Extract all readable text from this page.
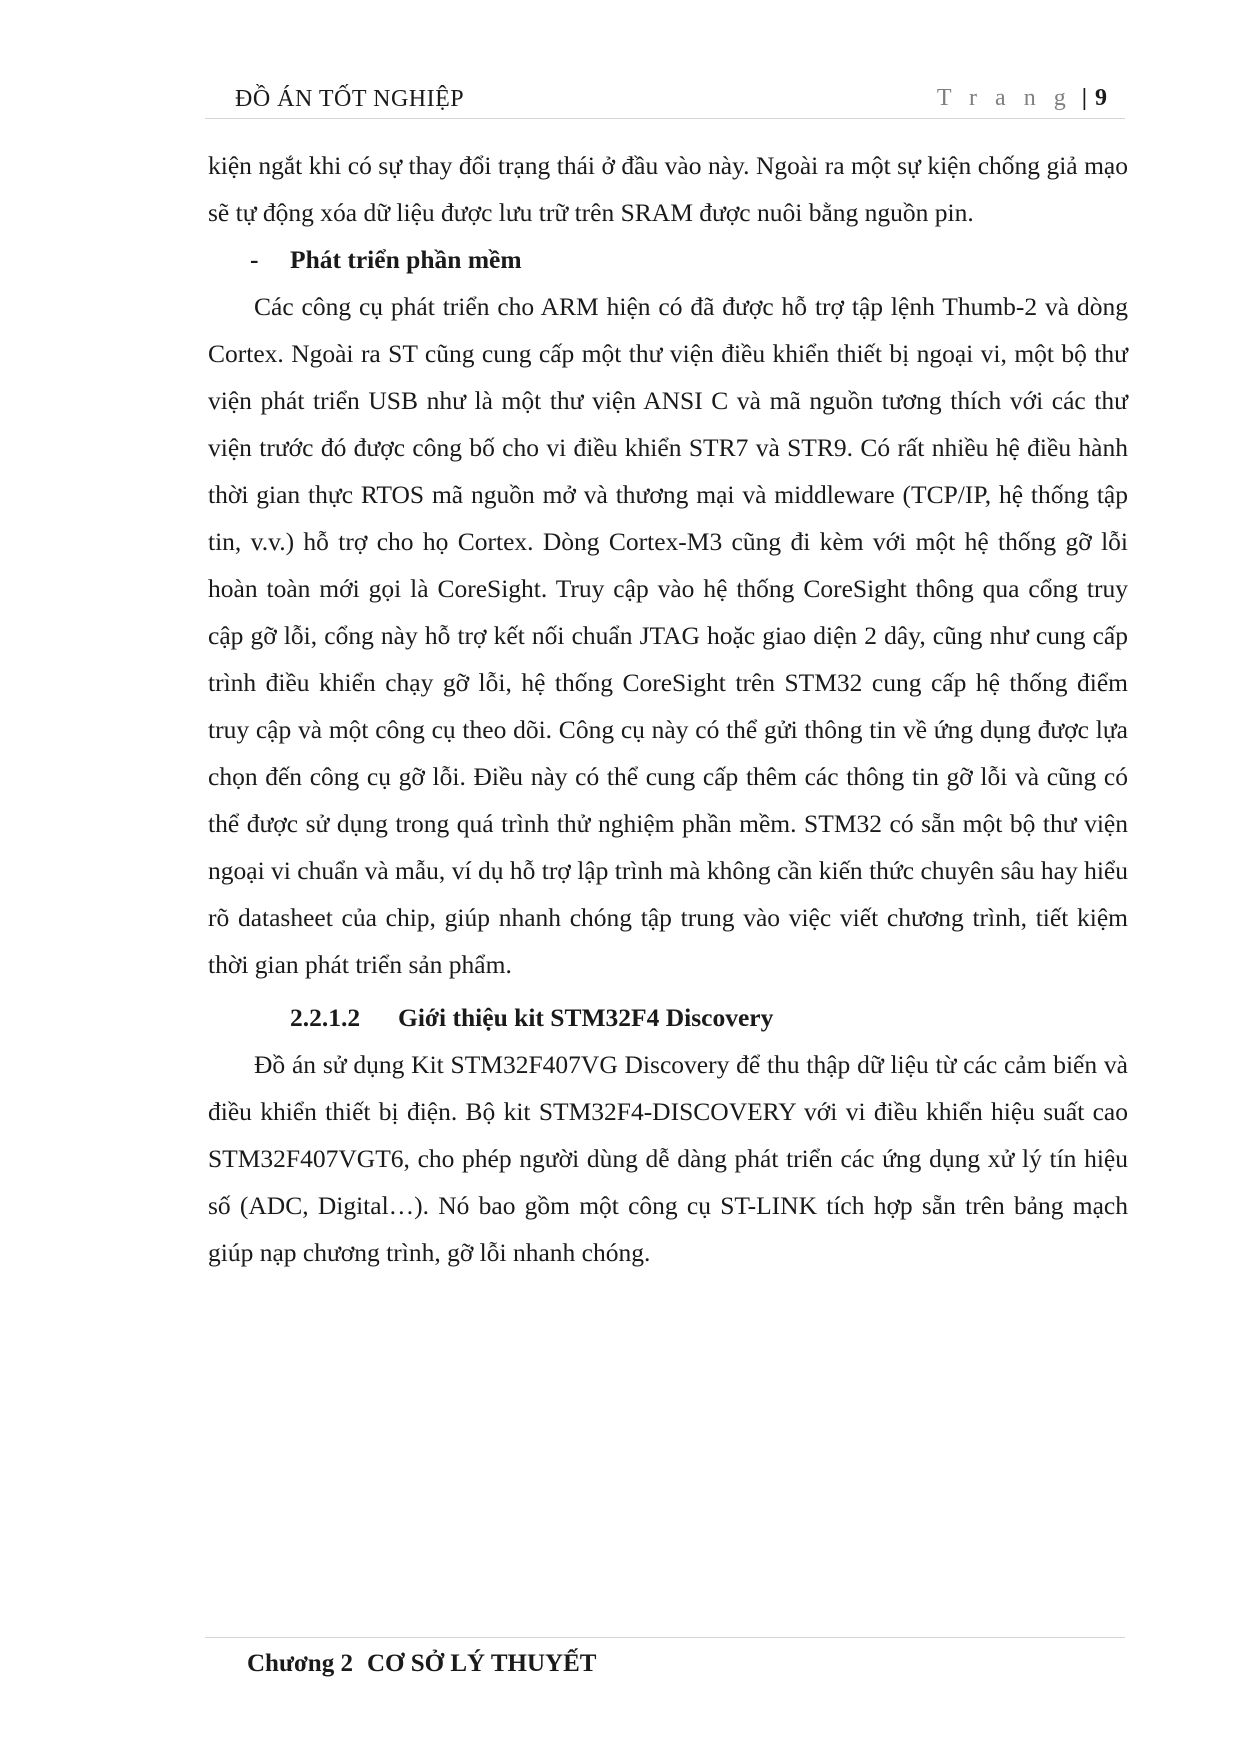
ĐỒ ÁN TỐT NGHIỆP	T r a n g | 9

kiện ngắt khi có sự thay đổi trạng thái ở đầu vào này. Ngoài ra một sự kiện chống giả mạo sẽ tự động xóa dữ liệu được lưu trữ trên SRAM được nuôi bằng nguồn pin.

- Phát triển phần mềm

Các công cụ phát triển cho ARM hiện có đã được hỗ trợ tập lệnh Thumb-2 và dòng Cortex. Ngoài ra ST cũng cung cấp một thư viện điều khiển thiết bị ngoại vi, một bộ thư viện phát triển USB như là một thư viện ANSI C và mã nguồn tương thích với các thư viện trước đó được công bố cho vi điều khiển STR7 và STR9. Có rất nhiều hệ điều hành thời gian thực RTOS mã nguồn mở và thương mại và middleware (TCP/IP, hệ thống tập tin, v.v.) hỗ trợ cho họ Cortex. Dòng Cortex-M3 cũng đi kèm với một hệ thống gỡ lỗi hoàn toàn mới gọi là CoreSight. Truy cập vào hệ thống CoreSight thông qua cổng truy cập gỡ lỗi, cổng này hỗ trợ kết nối chuẩn JTAG hoặc giao diện 2 dây, cũng như cung cấp trình điều khiển chạy gỡ lỗi, hệ thống CoreSight trên STM32 cung cấp hệ thống điểm truy cập và một công cụ theo dõi. Công cụ này có thể gửi thông tin về ứng dụng được lựa chọn đến công cụ gỡ lỗi. Điều này có thể cung cấp thêm các thông tin gỡ lỗi và cũng có thể được sử dụng trong quá trình thử nghiệm phần mềm. STM32 có sẵn một bộ thư viện ngoại vi chuẩn và mẫu, ví dụ hỗ trợ lập trình mà không cần kiến thức chuyên sâu hay hiểu rõ datasheet của chip, giúp nhanh chóng tập trung vào việc viết chương trình, tiết kiệm thời gian phát triển sản phẩm.

2.2.1.2 Giới thiệu kit STM32F4 Discovery

Đồ án sử dụng Kit STM32F407VG Discovery để thu thập dữ liệu từ các cảm biến và điều khiển thiết bị điện. Bộ kit STM32F4-DISCOVERY với vi điều khiển hiệu suất cao STM32F407VGT6, cho phép người dùng dễ dàng phát triển các ứng dụng xử lý tín hiệu số (ADC, Digital…). Nó bao gồm một công cụ ST-LINK tích hợp sẵn trên bảng mạch giúp nạp chương trình, gỡ lỗi nhanh chóng.

Chương 2 CƠ SỞ LÝ THUYẾT
